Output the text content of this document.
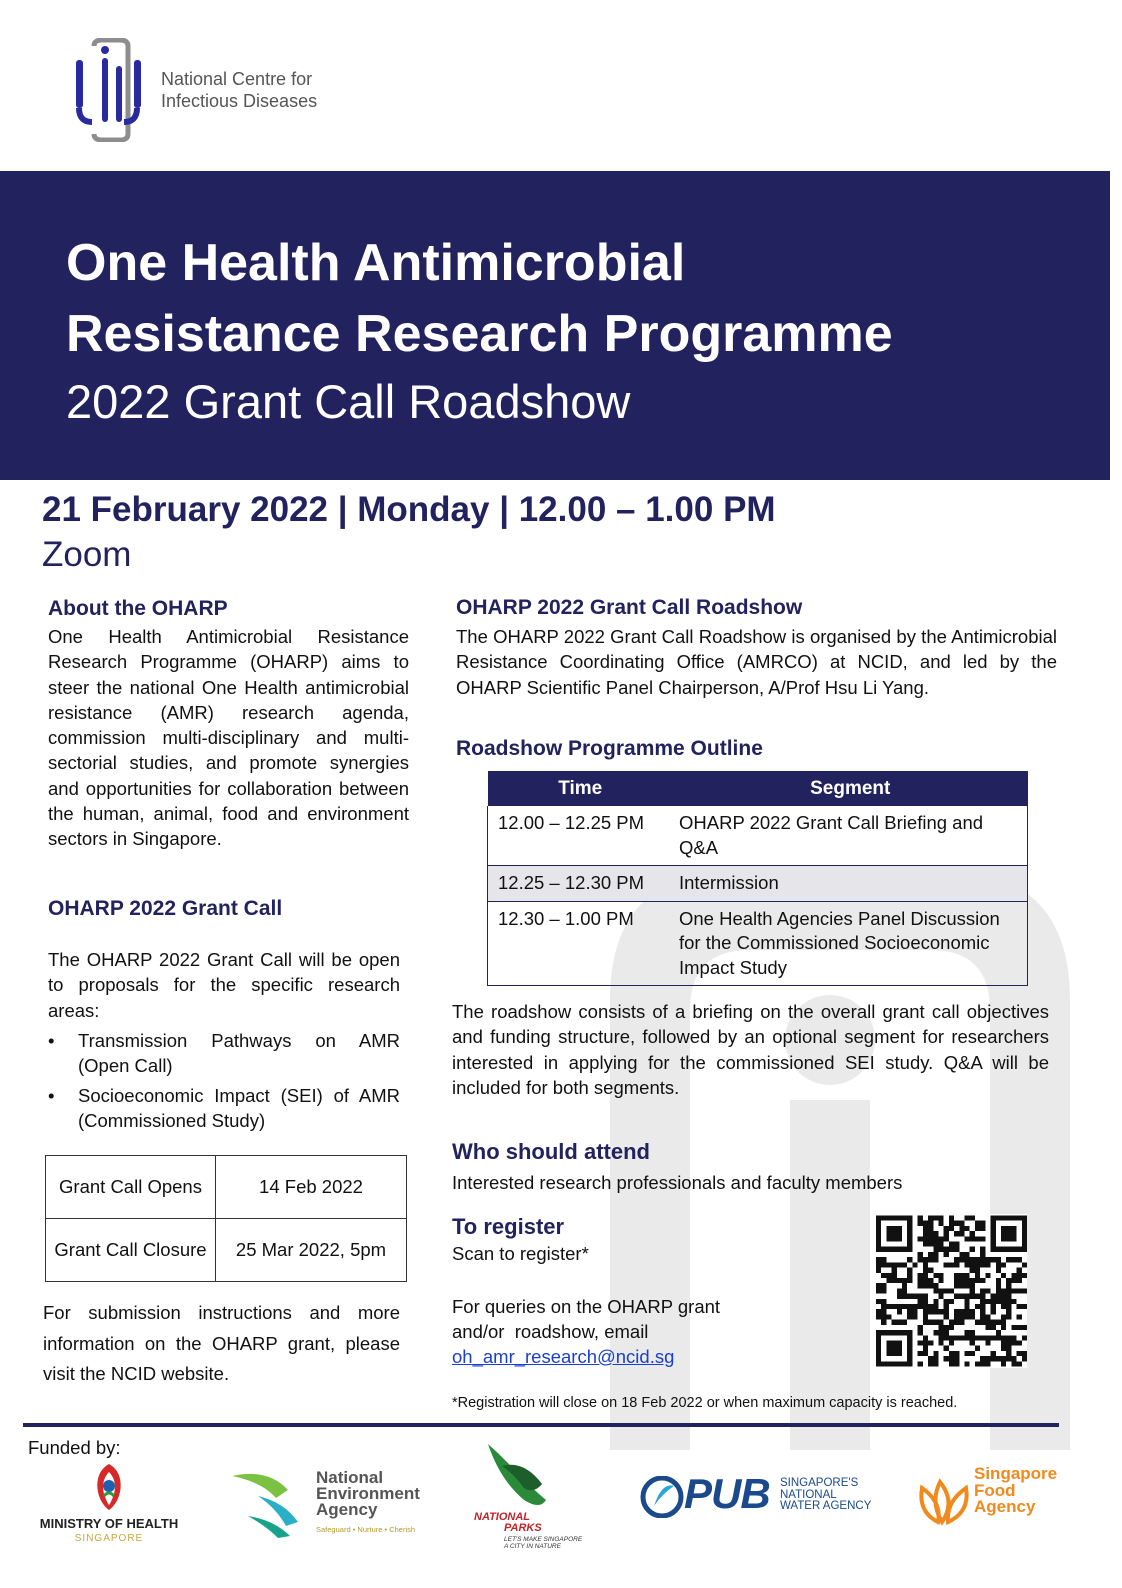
National Centre for
Infectious Diseases
One Health Antimicrobial
Resistance Research Programme
2022 Grant Call Roadshow
21 February 2022 | Monday | 12.00 – 1.00 PM
Zoom
About the OHARP
One Health Antimicrobial Resistance Research Programme (OHARP) aims to steer the national One Health antimicrobial resistance (AMR) research agenda, commission multi-disciplinary and multi-sectorial studies, and promote synergies and opportunities for collaboration between the human, animal, food and environment sectors in Singapore.
OHARP 2022 Grant Call
The OHARP 2022 Grant Call will be open to proposals for the specific research areas:
• Transmission Pathways on AMR (Open Call)
• Socioeconomic Impact (SEI) of AMR (Commissioned Study)
Grant Call Opens	14 Feb 2022
Grant Call Closure	25 Mar 2022, 5pm
For submission instructions and more information on the OHARP grant, please visit the NCID website.
OHARP 2022 Grant Call Roadshow
The OHARP 2022 Grant Call Roadshow is organised by the Antimicrobial Resistance Coordinating Office (AMRCO) at NCID, and led by the OHARP Scientific Panel Chairperson, A/Prof Hsu Li Yang.
Roadshow Programme Outline
Time	Segment
12.00 – 12.25 PM	OHARP 2022 Grant Call Briefing and Q&A
12.25 – 12.30 PM	Intermission
12.30 – 1.00 PM	One Health Agencies Panel Discussion for the Commissioned Socioeconomic Impact Study
The roadshow consists of a briefing on the overall grant call objectives and funding structure, followed by an optional segment for researchers interested in applying for the commissioned SEI study. Q&A will be included for both segments.
Who should attend
Interested research professionals and faculty members
To register
Scan to register*
For queries on the OHARP grant
and/or  roadshow, email
oh_amr_research@ncid.sg
*Registration will close on 18 Feb 2022 or when maximum capacity is reached.
Funded by:
MINISTRY OF HEALTH
SINGAPORE
National
Environment
Agency
Safeguard • Nurture • Cherish
NATIONAL
PARKS
LET'S MAKE SINGAPORE
A CITY IN NATURE
PUB SINGAPORE'S
NATIONAL
WATER AGENCY
Singapore
Food
Agency
